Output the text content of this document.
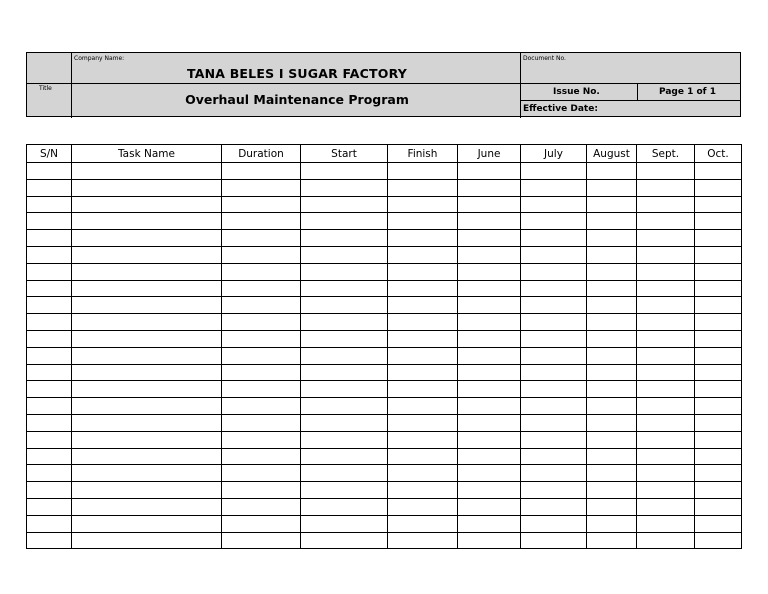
Company Name:
TANA BELES I SUGAR FACTORY
Title
Overhaul Maintenance Program
Document No.
Issue No.	Page 1 of 1
Effective Date:
S/N	Task Name	Duration	Start	Finish	June	July	August	Sept.	Oct.
